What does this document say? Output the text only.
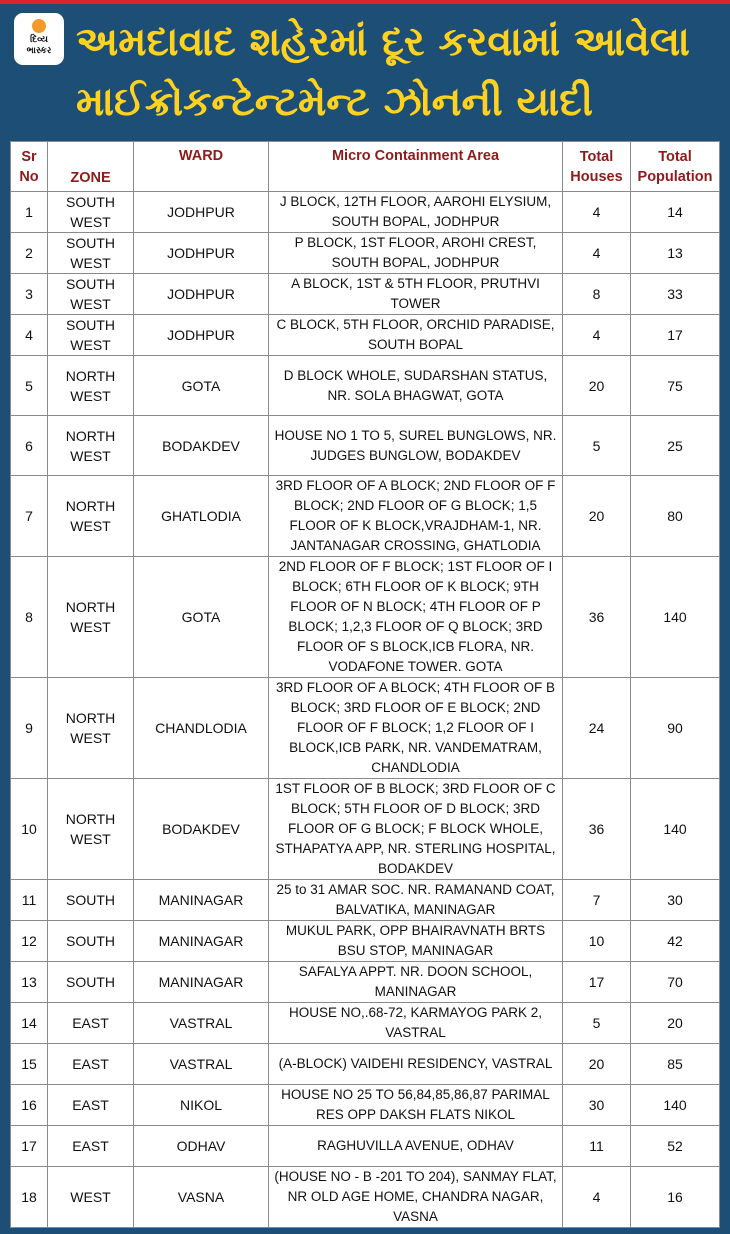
દિવ્ય
ભાસ્કર અમદાવાદ શહેરમાં દૂર કરવામાં આવેલા
માઈક્રોકન્ટેન્ટમેન્ટ ઝોનની યાદી
Sr No	ZONE	WARD	Micro Containment Area	Total Houses	Total Population
1	SOUTH WEST	JODHPUR	J BLOCK, 12TH FLOOR, AAROHI ELYSIUM, SOUTH BOPAL, JODHPUR	4	14
2	SOUTH WEST	JODHPUR	P BLOCK, 1ST FLOOR, AROHI CREST, SOUTH BOPAL, JODHPUR	4	13
3	SOUTH WEST	JODHPUR	A BLOCK, 1ST & 5TH FLOOR, PRUTHVI TOWER	8	33
4	SOUTH WEST	JODHPUR	C BLOCK, 5TH FLOOR, ORCHID PARADISE, SOUTH BOPAL	4	17
5	NORTH WEST	GOTA	D BLOCK WHOLE, SUDARSHAN STATUS, NR. SOLA BHAGWAT, GOTA	20	75
6	NORTH WEST	BODAKDEV	HOUSE NO 1 TO 5, SUREL BUNGLOWS, NR. JUDGES BUNGLOW, BODAKDEV	5	25
7	NORTH WEST	GHATLODIA	3RD FLOOR OF A BLOCK; 2ND FLOOR OF F BLOCK; 2ND FLOOR OF G BLOCK; 1,5 FLOOR OF K BLOCK,VRAJDHAM-1, NR. JANTANAGAR CROSSING, GHATLODIA	20	80
8	NORTH WEST	GOTA	2ND FLOOR OF F BLOCK; 1ST FLOOR OF I BLOCK; 6TH FLOOR OF K BLOCK; 9TH FLOOR OF N BLOCK; 4TH FLOOR OF P BLOCK; 1,2,3 FLOOR OF Q BLOCK; 3RD FLOOR OF S BLOCK,ICB FLORA, NR. VODAFONE TOWER. GOTA	36	140
9	NORTH WEST	CHANDLODIA	3RD FLOOR OF A BLOCK; 4TH FLOOR OF B BLOCK; 3RD FLOOR OF E BLOCK; 2ND FLOOR OF F BLOCK; 1,2 FLOOR OF I BLOCK,ICB PARK, NR. VANDEMATRAM, CHANDLODIA	24	90
10	NORTH WEST	BODAKDEV	1ST FLOOR OF B BLOCK; 3RD FLOOR OF C BLOCK; 5TH FLOOR OF D BLOCK; 3RD FLOOR OF G BLOCK; F BLOCK WHOLE, STHAPATYA APP, NR. STERLING HOSPITAL, BODAKDEV	36	140
11	SOUTH	MANINAGAR	25 to 31 AMAR SOC. NR. RAMANAND COAT, BALVATIKA, MANINAGAR	7	30
12	SOUTH	MANINAGAR	MUKUL PARK, OPP BHAIRAVNATH BRTS BSU STOP, MANINAGAR	10	42
13	SOUTH	MANINAGAR	SAFALYA APPT. NR. DOON SCHOOL, MANINAGAR	17	70
14	EAST	VASTRAL	HOUSE NO,.68-72, KARMAYOG PARK 2, VASTRAL	5	20
15	EAST	VASTRAL	(A-BLOCK) VAIDEHI RESIDENCY, VASTRAL	20	85
16	EAST	NIKOL	HOUSE NO 25 TO 56,84,85,86,87 PARIMAL RES OPP DAKSH FLATS NIKOL	30	140
17	EAST	ODHAV	RAGHUVILLA AVENUE, ODHAV	11	52
18	WEST	VASNA	(HOUSE NO - B -201 TO 204), SANMAY FLAT, NR OLD AGE HOME, CHANDRA NAGAR, VASNA	4	16
